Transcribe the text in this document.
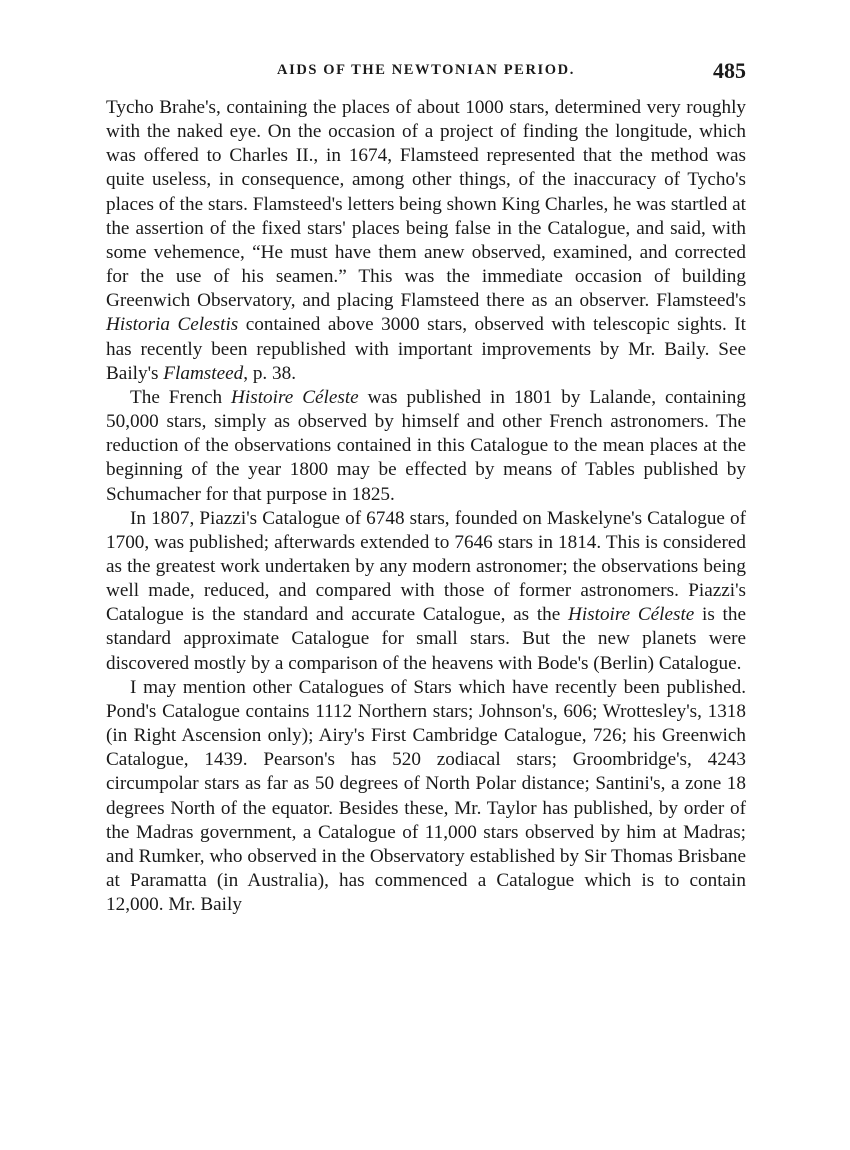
AIDS OF THE NEWTONIAN PERIOD.	485

Tycho Brahe's, containing the places of about 1000 stars, determined very roughly with the naked eye. On the occasion of a project of finding the longitude, which was offered to Charles II., in 1674, Flamsteed represented that the method was quite useless, in consequence, among other things, of the inaccuracy of Tycho's places of the stars. Flamsteed's letters being shown King Charles, he was startled at the assertion of the fixed stars' places being false in the Catalogue, and said, with some vehemence, “He must have them anew observed, examined, and corrected for the use of his seamen.” This was the immediate occasion of building Greenwich Observatory, and placing Flamsteed there as an observer. Flamsteed's Historia Celestis contained above 3000 stars, observed with telescopic sights. It has recently been republished with important improvements by Mr. Baily. See Baily's Flamsteed, p. 38.

The French Histoire Céleste was published in 1801 by Lalande, containing 50,000 stars, simply as observed by himself and other French astronomers. The reduction of the observations contained in this Catalogue to the mean places at the beginning of the year 1800 may be effected by means of Tables published by Schumacher for that purpose in 1825.

In 1807, Piazzi's Catalogue of 6748 stars, founded on Maskelyne's Catalogue of 1700, was published; afterwards extended to 7646 stars in 1814. This is considered as the greatest work undertaken by any modern astronomer; the observations being well made, reduced, and compared with those of former astronomers. Piazzi's Catalogue is the standard and accurate Catalogue, as the Histoire Céleste is the standard approximate Catalogue for small stars. But the new planets were discovered mostly by a comparison of the heavens with Bode's (Berlin) Catalogue.

I may mention other Catalogues of Stars which have recently been published. Pond's Catalogue contains 1112 Northern stars; Johnson's, 606; Wrottesley's, 1318 (in Right Ascension only); Airy's First Cambridge Catalogue, 726; his Greenwich Catalogue, 1439. Pearson's has 520 zodiacal stars; Groombridge's, 4243 circumpolar stars as far as 50 degrees of North Polar distance; Santini's, a zone 18 degrees North of the equator. Besides these, Mr. Taylor has published, by order of the Madras government, a Catalogue of 11,000 stars observed by him at Madras; and Rumker, who observed in the Observatory established by Sir Thomas Brisbane at Paramatta (in Australia), has commenced a Catalogue which is to contain 12,000. Mr. Baily
